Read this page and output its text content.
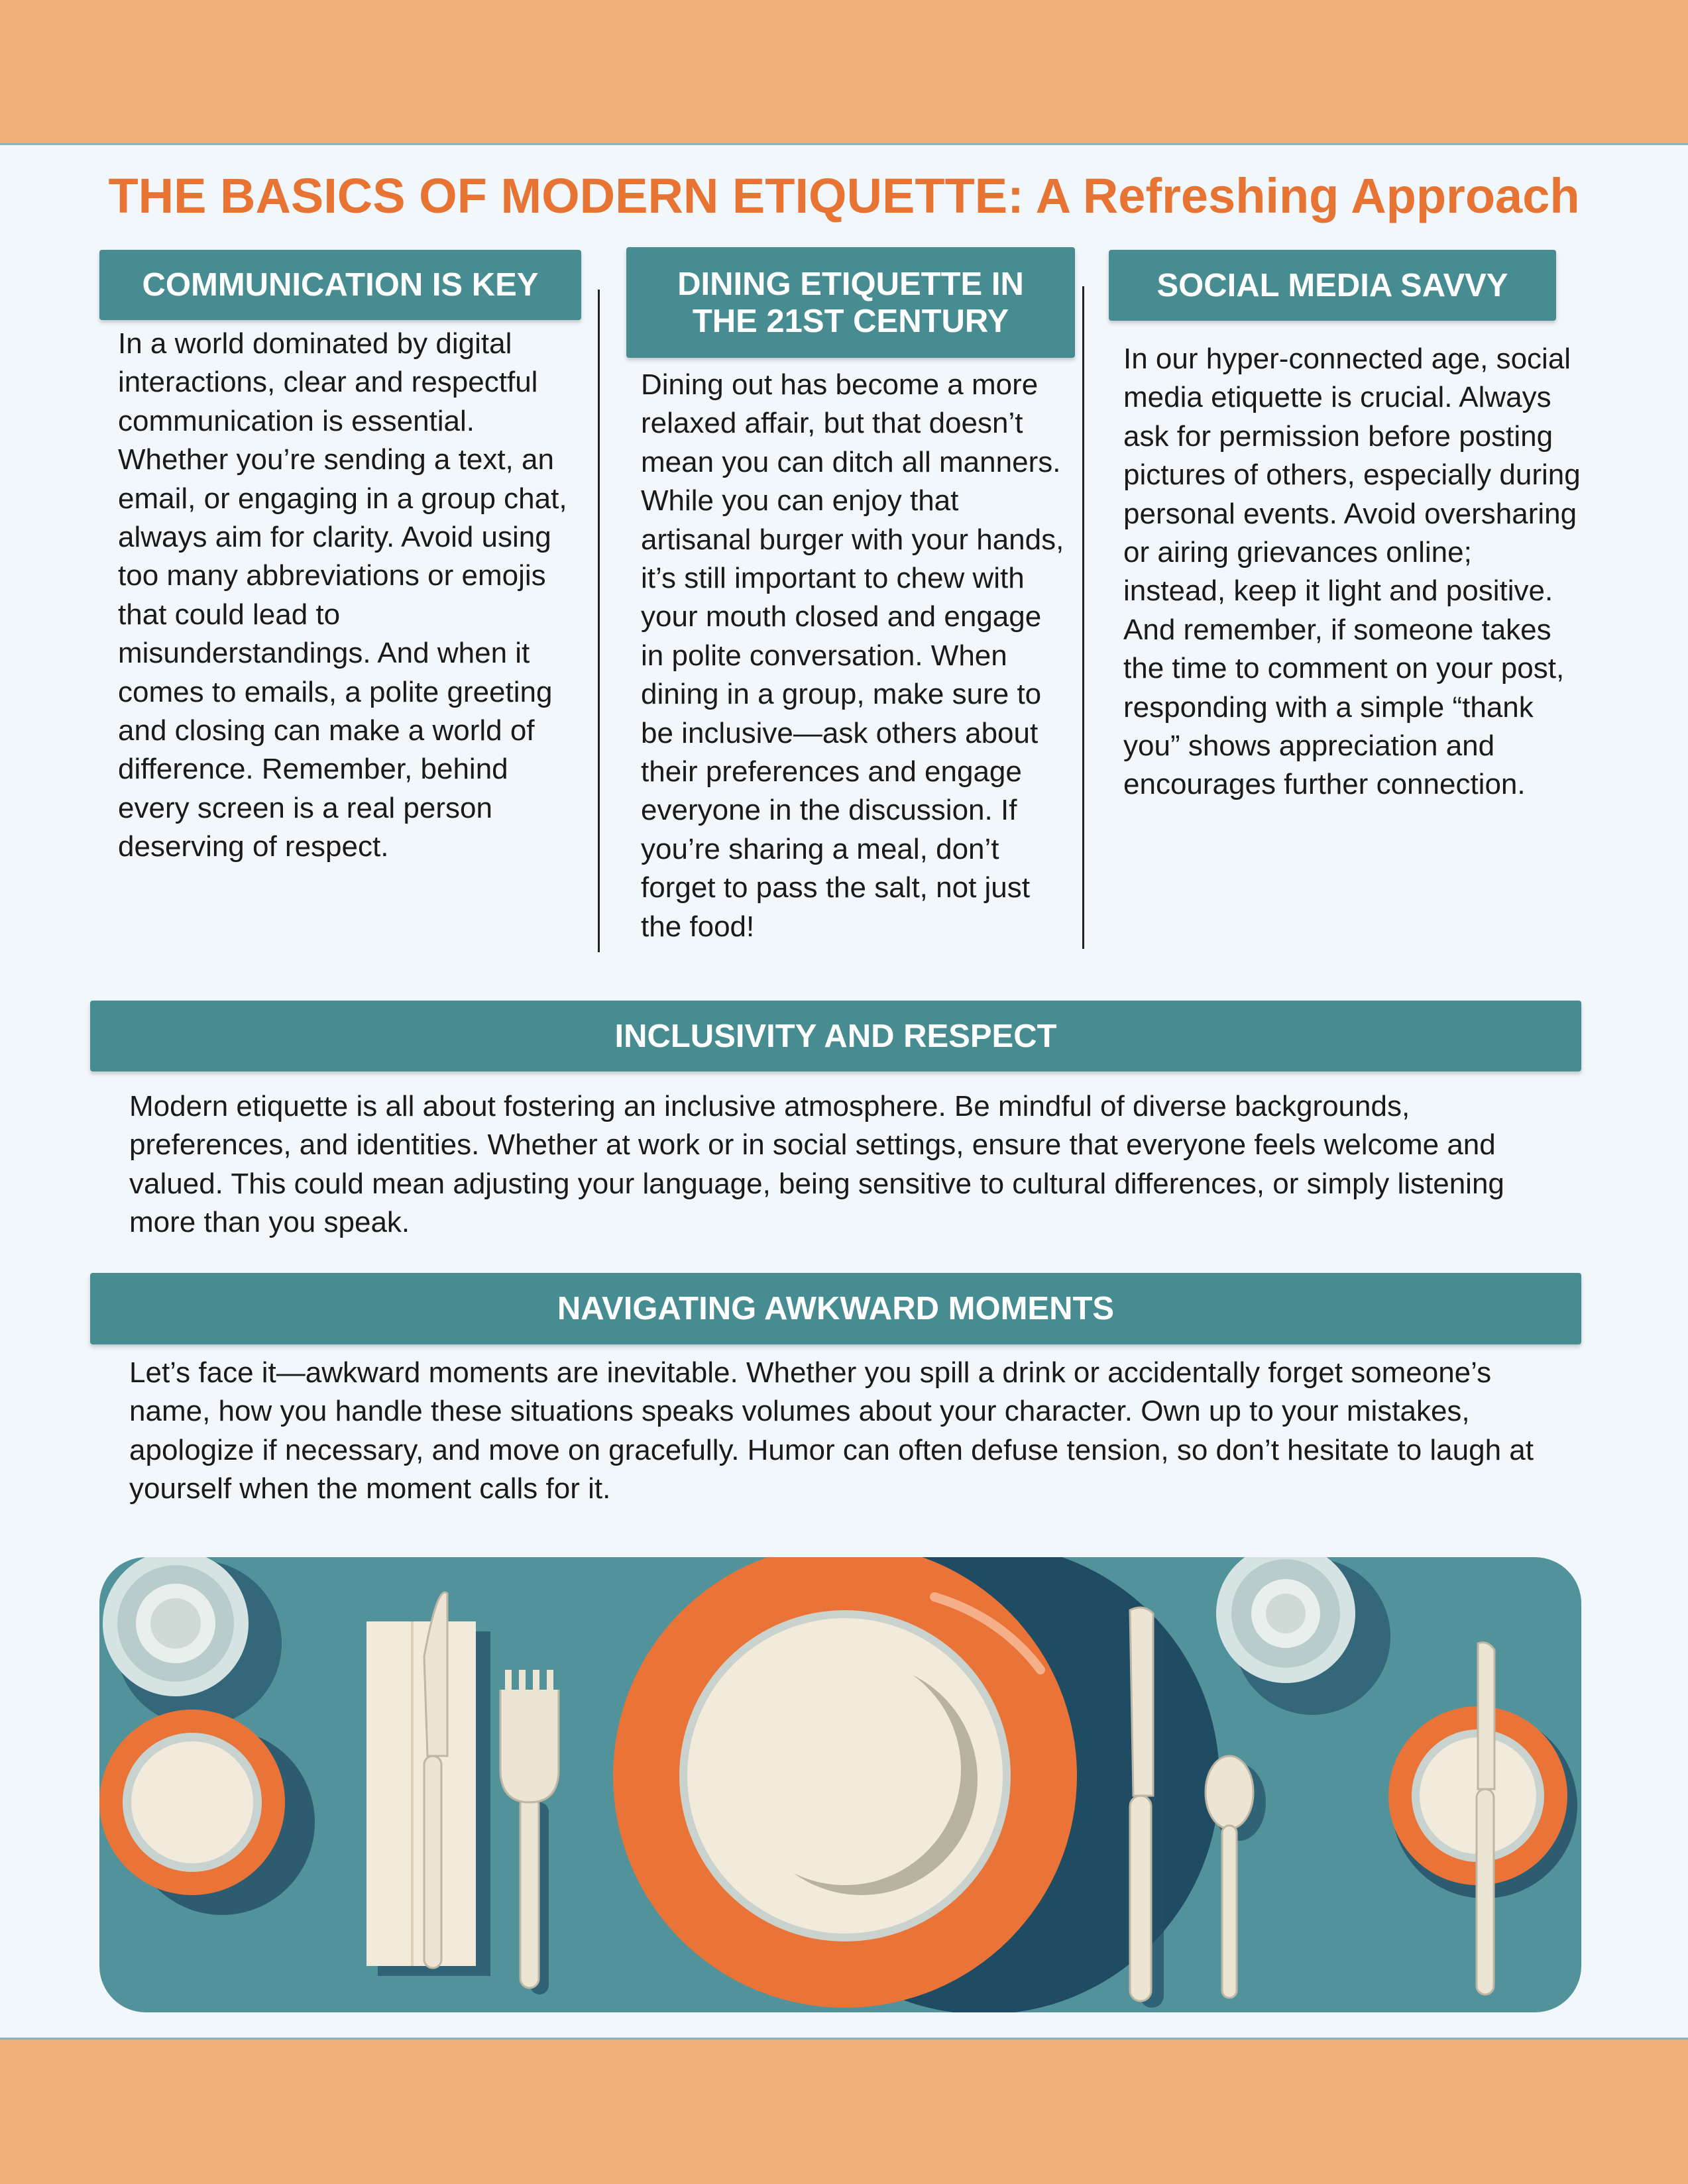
THE BASICS OF MODERN ETIQUETTE: A Refreshing Approach
COMMUNICATION IS KEY

In a world dominated by digital interactions, clear and respectful communication is essential. Whether you’re sending a text, an email, or engaging in a group chat, always aim for clarity. Avoid using too many abbreviations or emojis that could lead to misunderstandings. And when it comes to emails, a polite greeting and closing can make a world of difference. Remember, behind every screen is a real person deserving of respect.

DINING ETIQUETTE IN
THE 21ST CENTURY

Dining out has become a more relaxed affair, but that doesn’t mean you can ditch all manners. While you can enjoy that artisanal burger with your hands, it’s still important to chew with your mouth closed and engage in polite conversation. When dining in a group, make sure to be inclusive—ask others about their preferences and engage everyone in the discussion. If you’re sharing a meal, don’t forget to pass the salt, not just the food!

SOCIAL MEDIA SAVVY

In our hyper-connected age, social media etiquette is crucial. Always ask for permission before posting pictures of others, especially during personal events. Avoid oversharing or airing grievances online; instead, keep it light and positive. And remember, if someone takes the time to comment on your post, responding with a simple “thank you” shows appreciation and encourages further connection.

INCLUSIVITY AND RESPECT

Modern etiquette is all about fostering an inclusive atmosphere. Be mindful of diverse backgrounds, preferences, and identities. Whether at work or in social settings, ensure that everyone feels welcome and valued. This could mean adjusting your language, being sensitive to cultural differences, or simply listening more than you speak.

NAVIGATING AWKWARD MOMENTS

Let’s face it—awkward moments are inevitable. Whether you spill a drink or accidentally forget someone’s name, how you handle these situations speaks volumes about your character. Own up to your mistakes, apologize if necessary, and move on gracefully. Humor can often defuse tension, so don’t hesitate to laugh at yourself when the moment calls for it.
